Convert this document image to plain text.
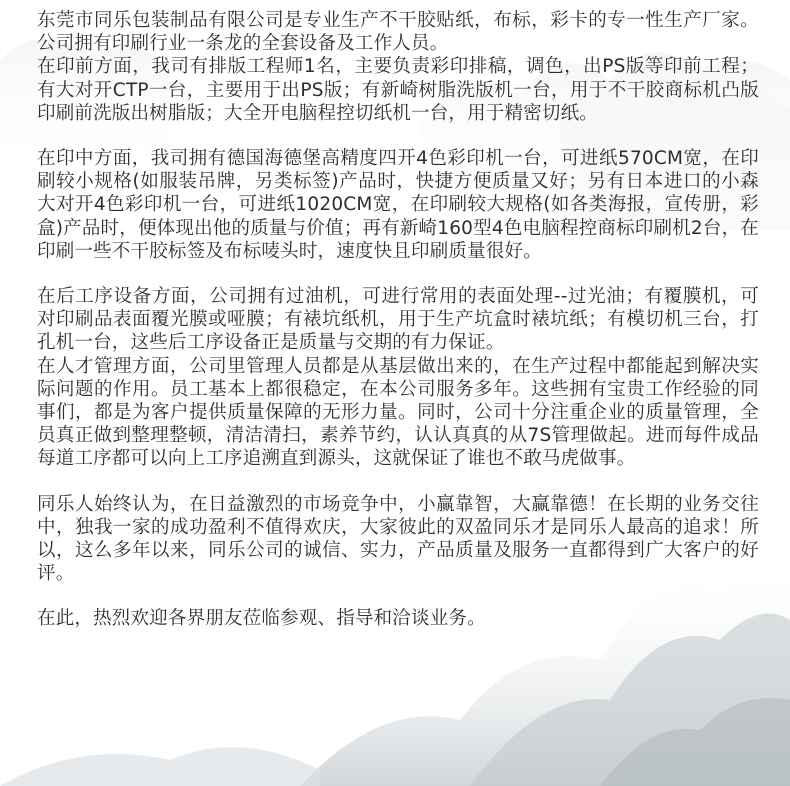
东莞市同乐包装制品有限公司是专业生产不干胶贴纸，布标，彩卡的专一性生产厂家。公司拥有印刷行业一条龙的全套设备及工作人员。

在印前方面，我司有排版工程师1名，主要负责彩印排稿，调色，出PS版等印前工程；有大对开CTP一台，主要用于出PS版；有新崎树脂洗版机一台，用于不干胶商标机凸版印刷前洗版出树脂版；大全开电脑程控切纸机一台，用于精密切纸。

在印中方面，我司拥有德国海德堡高精度四开4色彩印机一台，可进纸570CM宽，在印刷较小规格(如服装吊牌，另类标签)产品时，快捷方便质量又好；另有日本进口的小森大对开4色彩印机一台，可进纸1020CM宽，在印刷较大规格(如各类海报，宣传册，彩盒)产品时，便体现出他的质量与价值；再有新崎160型4色电脑程控商标印刷机2台，在印刷一些不干胶标签及布标唛头时，速度快且印刷质量很好。

在后工序设备方面，公司拥有过油机，可进行常用的表面处理--过光油；有覆膜机，可对印刷品表面覆光膜或哑膜；有裱坑纸机，用于生产坑盒时裱坑纸；有模切机三台，打孔机一台，这些后工序设备正是质量与交期的有力保证。

在人才管理方面，公司里管理人员都是从基层做出来的，在生产过程中都能起到解决实际问题的作用。员工基本上都很稳定，在本公司服务多年。这些拥有宝贵工作经验的同事们，都是为客户提供质量保障的无形力量。同时，公司十分注重企业的质量管理，全员真正做到整理整顿，清洁清扫，素养节约，认认真真的从7S管理做起。进而每件成品每道工序都可以向上工序追溯直到源头，这就保证了谁也不敢马虎做事。

同乐人始终认为，在日益激烈的市场竞争中，小赢靠智，大赢靠德！在长期的业务交往中，独我一家的成功盈利不值得欢庆，大家彼此的双盈同乐才是同乐人最高的追求！所以，这么多年以来，同乐公司的诚信、实力，产品质量及服务一直都得到广大客户的好评。

在此，热烈欢迎各界朋友莅临参观、指导和洽谈业务。
